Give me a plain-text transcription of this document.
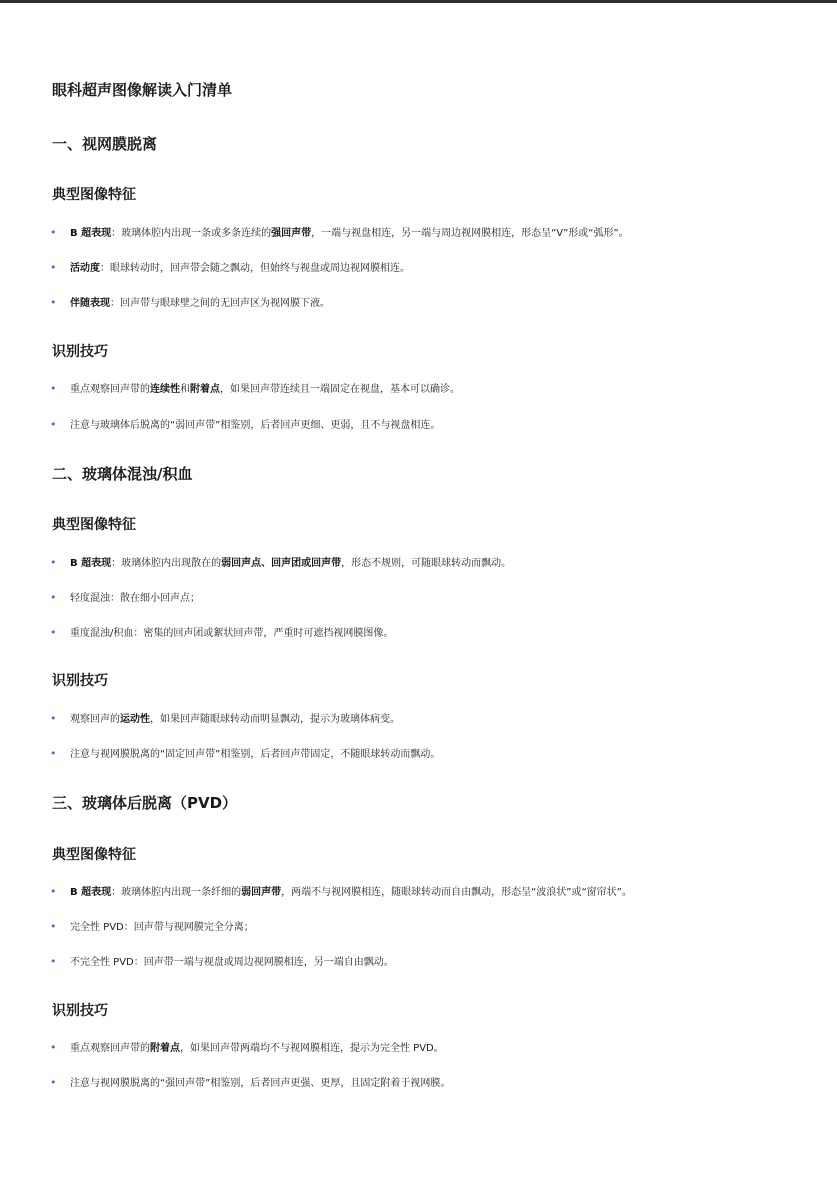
眼科超声图像解读入门清单
一、视网膜脱离
典型图像特征
• B 超表现：玻璃体腔内出现一条或多条连续的强回声带，一端与视盘相连，另一端与周边视网膜相连，形态呈“V”形或“弧形”。
• 活动度：眼球转动时，回声带会随之飘动，但始终与视盘或周边视网膜相连。
• 伴随表现：回声带与眼球壁之间的无回声区为视网膜下液。
识别技巧
• 重点观察回声带的连续性和附着点，如果回声带连续且一端固定在视盘，基本可以确诊。
• 注意与玻璃体后脱离的“弱回声带”相鉴别，后者回声更细、更弱，且不与视盘相连。
二、玻璃体混浊/积血
典型图像特征
• B 超表现：玻璃体腔内出现散在的弱回声点、回声团或回声带，形态不规则，可随眼球转动而飘动。
• 轻度混浊：散在细小回声点；
• 重度混浊/积血：密集的回声团或絮状回声带，严重时可遮挡视网膜图像。
识别技巧
• 观察回声的运动性，如果回声随眼球转动而明显飘动，提示为玻璃体病变。
• 注意与视网膜脱离的“固定回声带”相鉴别，后者回声带固定，不随眼球转动而飘动。
三、玻璃体后脱离（PVD）
典型图像特征
• B 超表现：玻璃体腔内出现一条纤细的弱回声带，两端不与视网膜相连，随眼球转动而自由飘动，形态呈“波浪状”或“窗帘状”。
• 完全性 PVD：回声带与视网膜完全分离；
• 不完全性 PVD：回声带一端与视盘或周边视网膜相连，另一端自由飘动。
识别技巧
• 重点观察回声带的附着点，如果回声带两端均不与视网膜相连，提示为完全性 PVD。
• 注意与视网膜脱离的“强回声带”相鉴别，后者回声更强、更厚，且固定附着于视网膜。
